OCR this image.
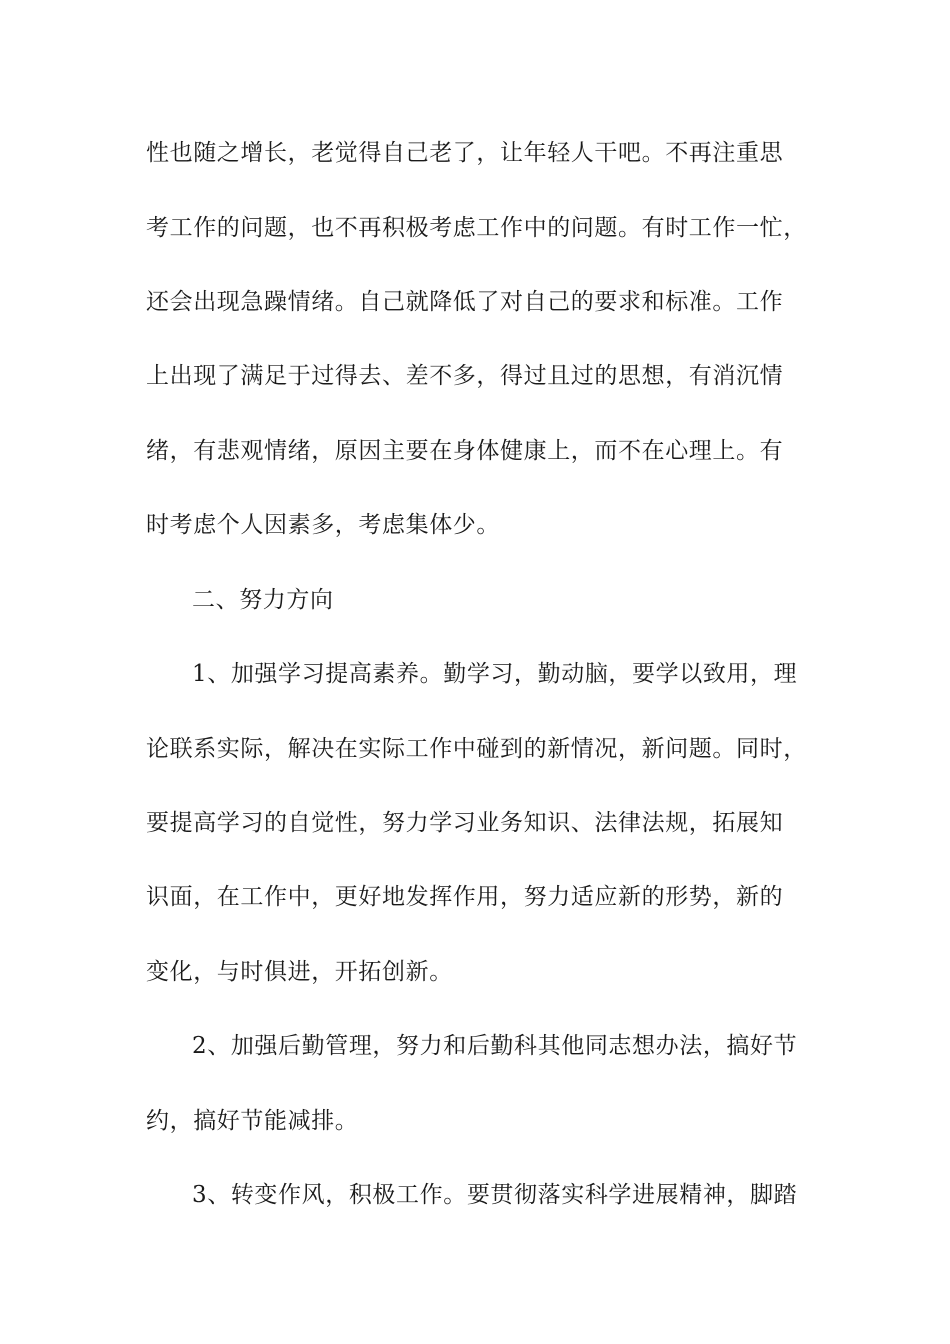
性也随之增长，老觉得自己老了，让年轻人干吧。不再注重思
考工作的问题，也不再积极考虑工作中的问题。有时工作一忙，
还会出现急躁情绪。自己就降低了对自己的要求和标准。工作
上出现了满足于过得去、差不多，得过且过的思想，有消沉情
绪，有悲观情绪，原因主要在身体健康上，而不在心理上。有
时考虑个人因素多，考虑集体少。
二、努力方向
1、加强学习提高素养。勤学习，勤动脑，要学以致用，理
论联系实际，解决在实际工作中碰到的新情况，新问题。同时，
要提高学习的自觉性，努力学习业务知识、法律法规，拓展知
识面，在工作中，更好地发挥作用，努力适应新的形势，新的
变化，与时俱进，开拓创新。
2、加强后勤管理，努力和后勤科其他同志想办法，搞好节
约，搞好节能减排。
3、转变作风，积极工作。要贯彻落实科学进展精神，脚踏
